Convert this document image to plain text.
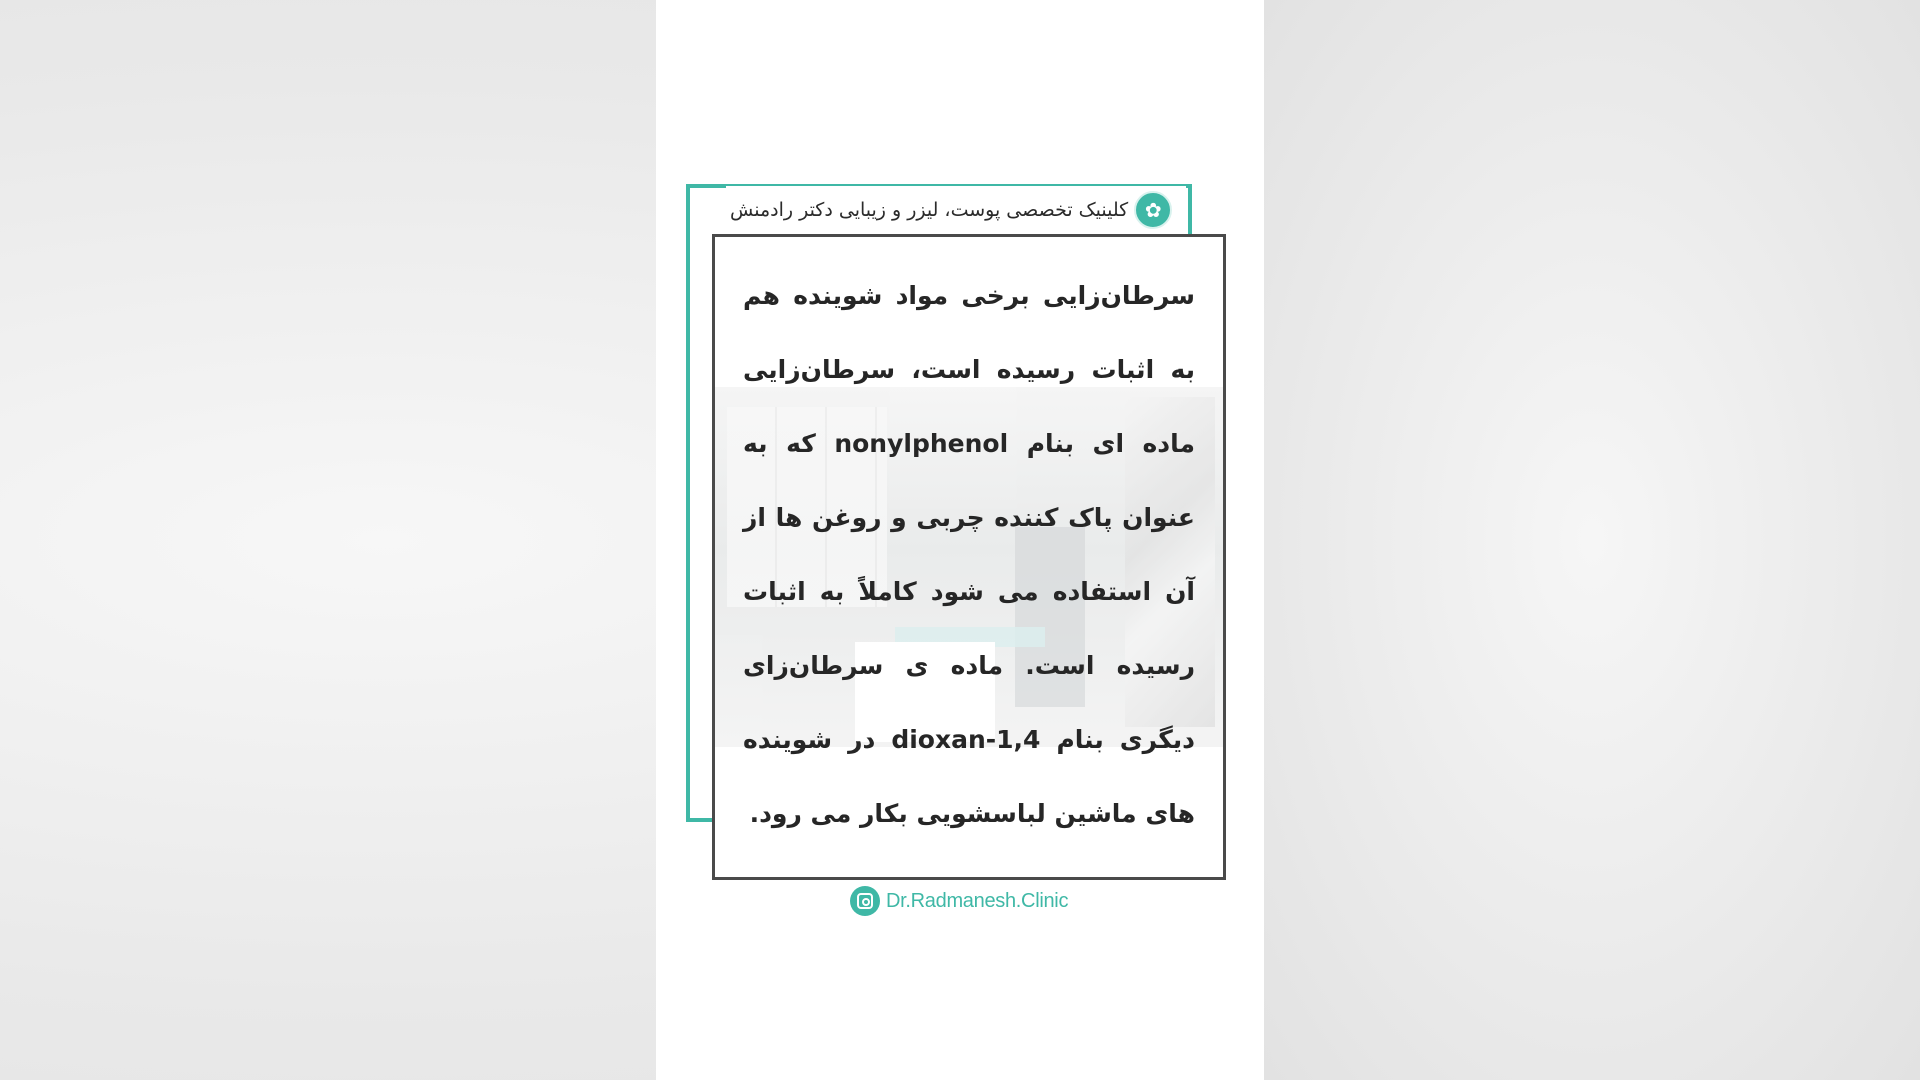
✿
کلینیک تخصصی پوست، لیزر و زیبایی دکتر رادمنش

سرطان‌زایی برخی مواد شوینده هم به اثبات رسیده است، سرطان‌زایی ماده ای بنام nonylphenol که به عنوان پاک کننده چربی و روغن ها از آن استفاده می شود کاملاً به اثبات رسیده است. ماده ی سرطان‌زای دیگری بنام 1,4-dioxan در شوینده های ماشین لباسشویی بکار می رود.

Dr.Radmanesh.Clinic
